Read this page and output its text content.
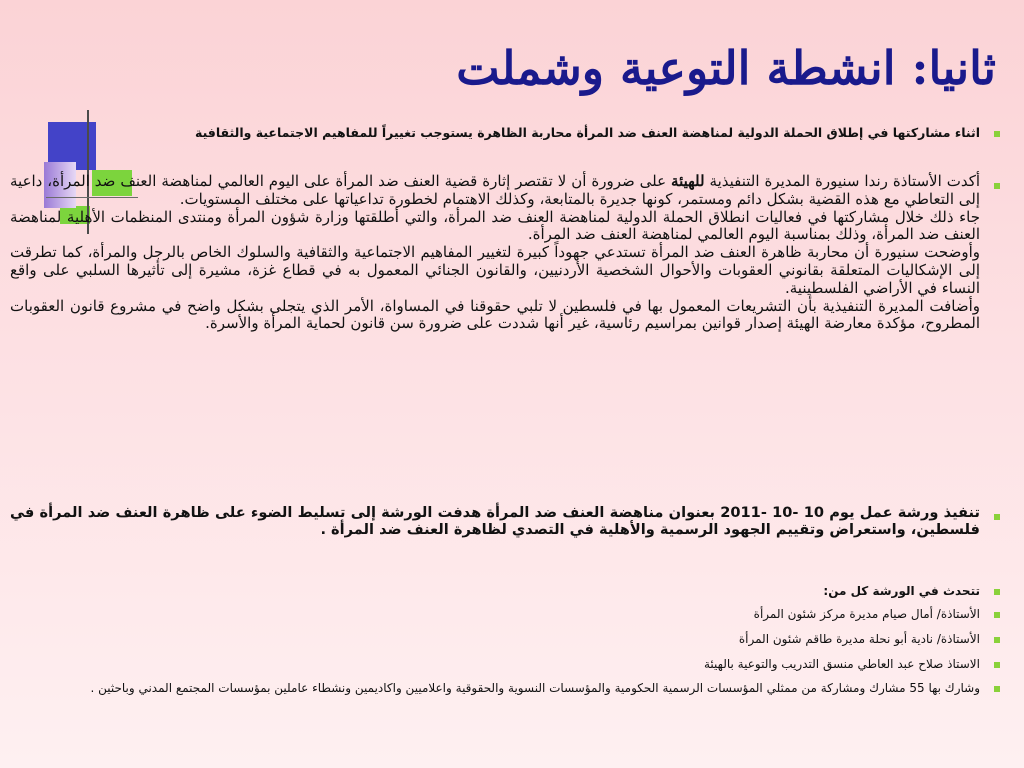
ثانيا: انشطة التوعية وشملت
اثناء مشاركتها في إطلاق الحملة الدولية لمناهضة العنف ضد المرأة محاربة الظاهرة يستوجب تغييراً للمفاهيم الاجتماعية والثقافية

أكدت الأستاذة رندا سنيورة المديرة التنفيذية للهيئة على ضرورة أن لا تقتصر إثارة قضية العنف ضد المرأة على اليوم العالمي لمناهضة العنف ضد المرأة، داعية إلى التعاطي مع هذه القضية بشكل دائم ومستمر، كونها جديرة بالمتابعة، وكذلك الاهتمام لخطورة تداعياتها على مختلف المستويات.

جاء ذلك خلال مشاركتها في فعاليات انطلاق الحملة الدولية لمناهضة العنف ضد المرأة، والتي أطلقتها وزارة شؤون المرأة ومنتدى المنظمات الأهلية لمناهضة العنف ضد المرأة، وذلك بمناسبة اليوم العالمي لمناهضة العنف ضد المرأة.

وأوضحت سنيورة أن محاربة ظاهرة العنف ضد المرأة تستدعي جهوداً كبيرة لتغيير المفاهيم الاجتماعية والثقافية والسلوك الخاص بالرجل والمرأة، كما تطرقت إلى الإشكاليات المتعلقة بقانوني العقوبات والأحوال الشخصية الأردنيين، والقانون الجنائي المعمول به في قطاع غزة، مشيرة إلى تأثيرها السلبي على واقع النساء في الأراضي الفلسطينية.

وأضافت المديرة التنفيذية بأن التشريعات المعمول بها في فلسطين لا تلبي حقوقنا في المساواة، الأمر الذي يتجلى بشكل واضح في مشروع قانون العقوبات المطروح، مؤكدة معارضة الهيئة إصدار قوانين بمراسيم رئاسية، غير أنها شددت على ضرورة سن قانون لحماية المرأة والأسرة.

تنفيذ ورشة عمل يوم 10 -10 -2011 بعنوان مناهضة العنف ضد المرأة هدفت الورشة إلى تسليط الضوء على ظاهرة العنف ضد المرأة في فلسطين، واستعراض وتقييم الجهود الرسمية والأهلية في التصدي لظاهرة العنف ضد المرأة .
تتحدث في الورشة كل من:
الأستاذة/ أمال صيام مديرة مركز شئون المرأة
الأستاذة/ نادية أبو نحلة مديرة طاقم شئون المرأة
الاستاذ صلاح عبد العاطي منسق التدريب والتوعية بالهيئة
وشارك بها 55 مشارك ومشاركة من ممثلي المؤسسات الرسمية الحكومية والمؤسسات النسوية والحقوقية واعلاميين واكاديمين ونشطاء عاملين بمؤسسات المجتمع المدني وباحثين .
